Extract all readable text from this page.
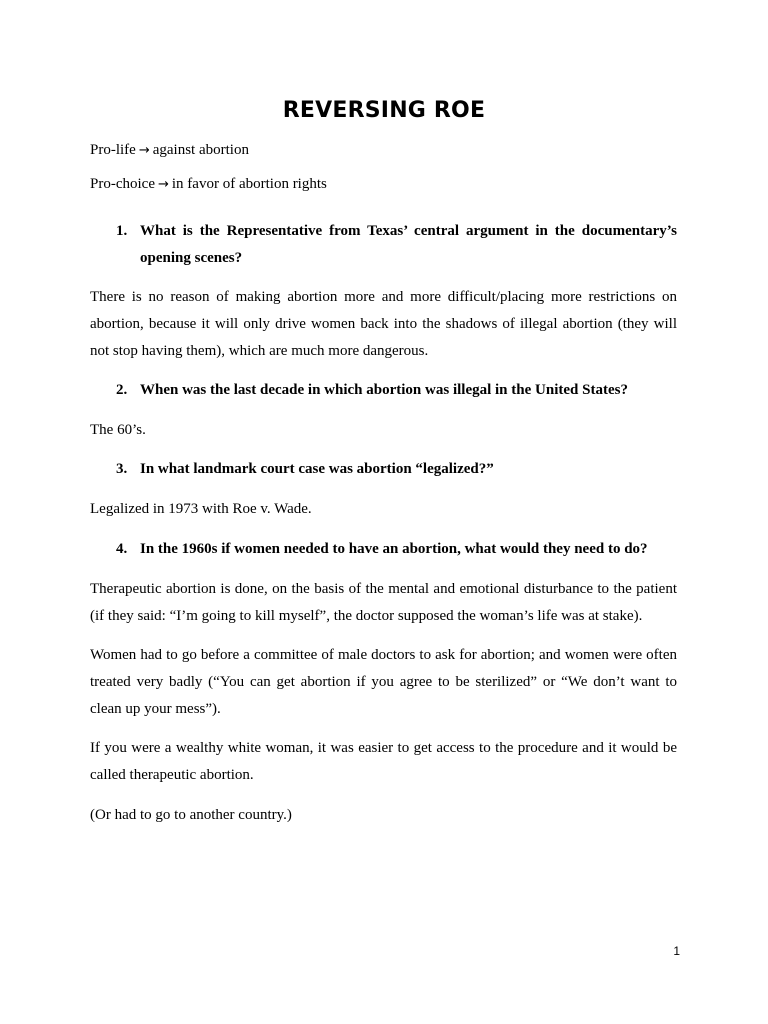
REVERSING ROE

Pro-life → against abortion

Pro-choice → in favor of abortion rights

1. What is the Representative from Texas’ central argument in the documentary’s opening scenes?

There is no reason of making abortion more and more difficult/placing more restrictions on abortion, because it will only drive women back into the shadows of illegal abortion (they will not stop having them), which are much more dangerous.

2. When was the last decade in which abortion was illegal in the United States?

The 60’s.

3. In what landmark court case was abortion “legalized?”

Legalized in 1973 with Roe v. Wade.

4. In the 1960s if women needed to have an abortion, what would they need to do?

Therapeutic abortion is done, on the basis of the mental and emotional disturbance to the patient (if they said: “I’m going to kill myself”, the doctor supposed the woman’s life was at stake).

Women had to go before a committee of male doctors to ask for abortion; and women were often treated very badly (“You can get abortion if you agree to be sterilized” or “We don’t want to clean up your mess”).

If you were a wealthy white woman, it was easier to get access to the procedure and it would be called therapeutic abortion.

(Or had to go to another country.)

1
